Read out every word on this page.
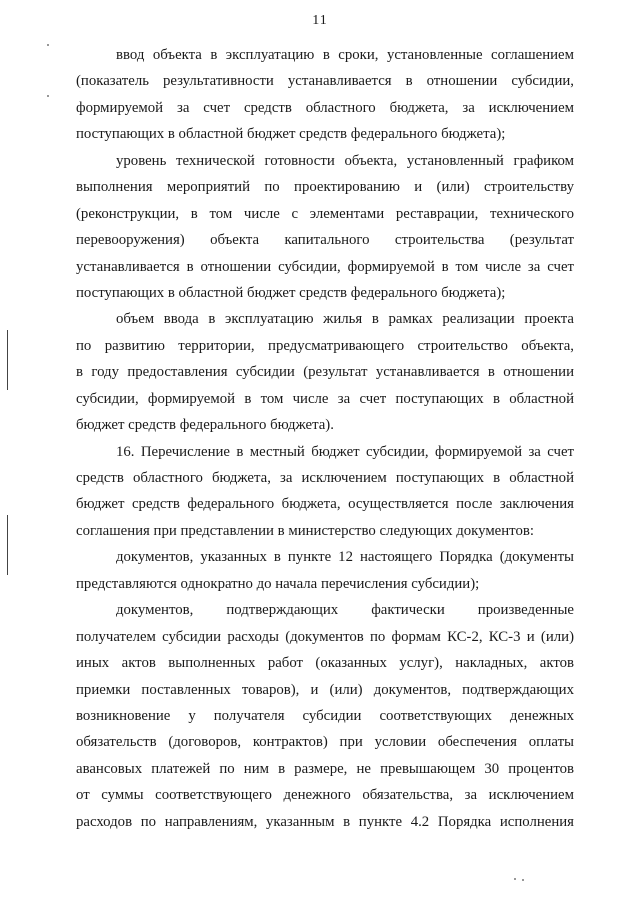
11
ввод объекта в эксплуатацию в сроки, установленные соглашением
(показатель результативности устанавливается в отношении субсидии,
формируемой за счет средств областного бюджета, за исключением
поступающих в областной бюджет средств федерального бюджета);
уровень технической готовности объекта, установленный графиком
выполнения мероприятий по проектированию и (или) строительству
(реконструкции, в том числе с элементами реставрации, технического
перевооружения) объекта капитального строительства (результат
устанавливается в отношении субсидии, формируемой в том числе за счет
поступающих в областной бюджет средств федерального бюджета);
объем ввода в эксплуатацию жилья в рамках реализации проекта
по развитию территории, предусматривающего строительство объекта,
в году предоставления субсидии (результат устанавливается в отношении
субсидии, формируемой в том числе за счет поступающих в областной
бюджет средств федерального бюджета).
16. Перечисление в местный бюджет субсидии, формируемой за счет
средств областного бюджета, за исключением поступающих в областной
бюджет средств федерального бюджета, осуществляется после заключения
соглашения при представлении в министерство следующих документов:
документов, указанных в пункте 12 настоящего Порядка (документы
представляются однократно до начала перечисления субсидии);
документов, подтверждающих фактически произведенные
получателем субсидии расходы (документов по формам КС-2, КС-3 и (или)
иных актов выполненных работ (оказанных услуг), накладных, актов
приемки поставленных товаров), и (или) документов, подтверждающих
возникновение у получателя субсидии соответствующих денежных
обязательств (договоров, контрактов) при условии обеспечения оплаты
авансовых платежей по ним в размере, не превышающем 30 процентов
от суммы соответствующего денежного обязательства, за исключением
расходов по направлениям, указанным в пункте 4.2 Порядка исполнения
